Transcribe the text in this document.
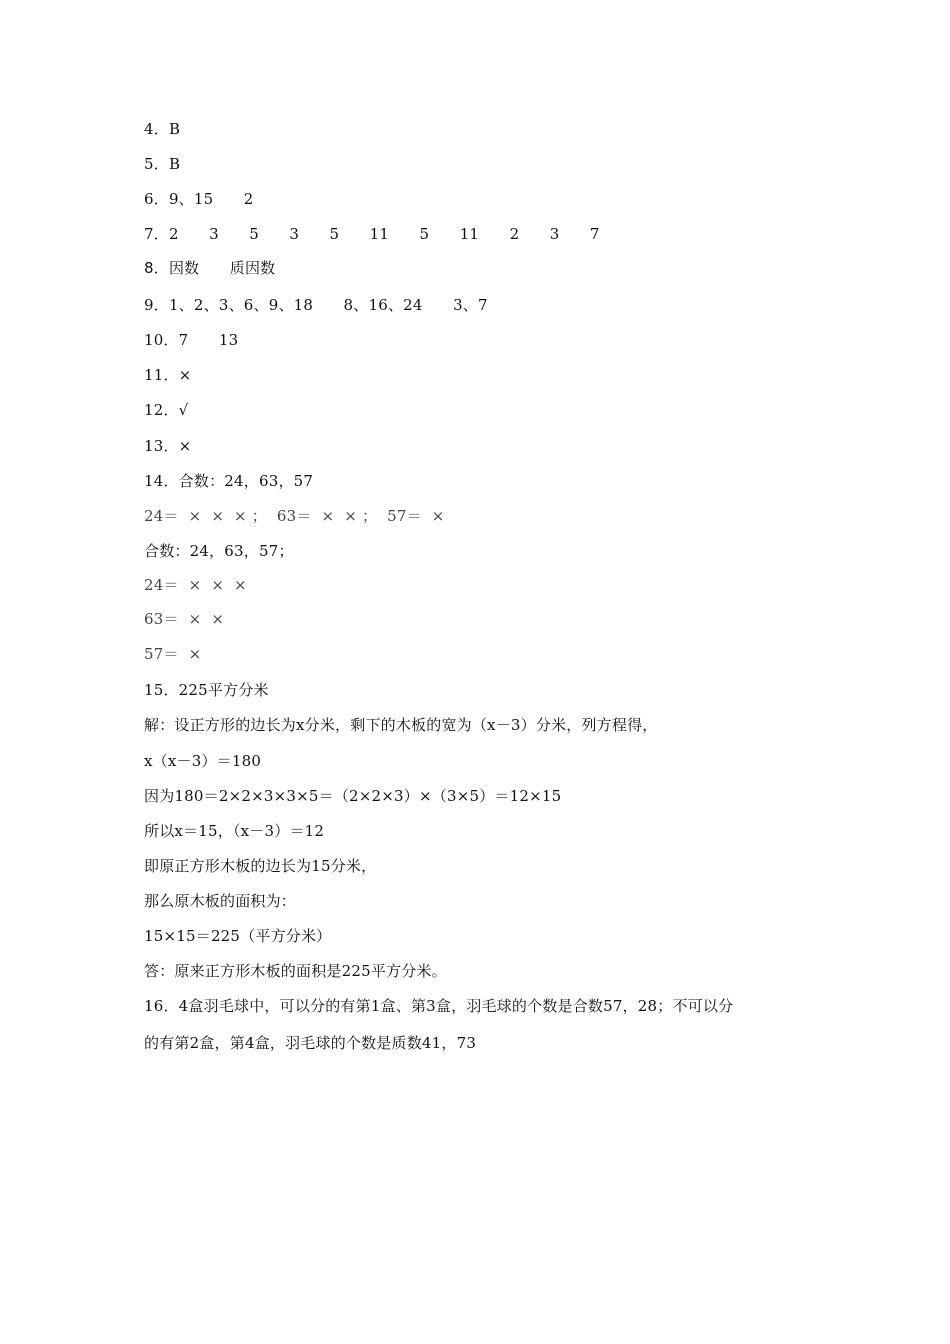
4．B
5．B
6．9、15　　2
7．2　　3　　5　　3　　5　　11　　5　　11　　2　　3　　7
8．因数　　质因数
9．1、2、3、6、9、18　　8、16、24　　3、7
10．7　　13
11．×
12．√
13．×
14．合数：24，63，57
24＝  ×  ×  × ；  63＝  ×  × ；  57＝  ×
合数：24，63，57；
24＝  ×  ×  ×
63＝  ×  ×
57＝  ×
15．225平方分米
解：设正方形的边长为x分米，剩下的木板的宽为（x－3）分米，列方程得，
x（x－3）＝180
因为180＝2×2×3×3×5＝（2×2×3）×（3×5）＝12×15
所以x＝15，（x－3）＝12
即原正方形木板的边长为15分米，
那么原木板的面积为：
15×15＝225（平方分米）
答：原来正方形木板的面积是225平方分米。
16．4盒羽毛球中，可以分的有第1盒、第3盒，羽毛球的个数是合数57，28；不可以分
的有第2盒，第4盒，羽毛球的个数是质数41，73
